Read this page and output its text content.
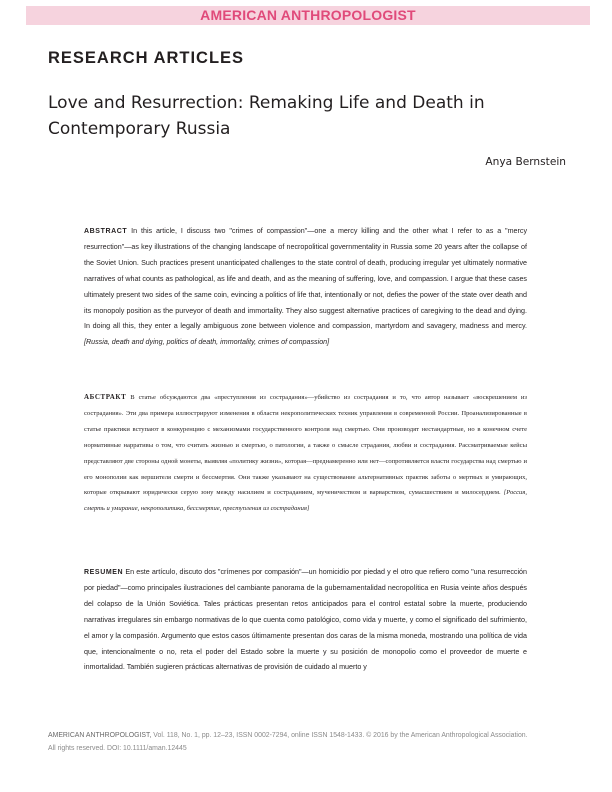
AMERICAN ANTHROPOLOGIST
RESEARCH ARTICLES
Love and Resurrection: Remaking Life and Death in Contemporary Russia
Anya Bernstein

ABSTRACT In this article, I discuss two "crimes of compassion"—one a mercy killing and the other what I refer to as a "mercy resurrection"—as key illustrations of the changing landscape of necropolitical governmentality in Russia some 20 years after the collapse of the Soviet Union. Such practices present unanticipated challenges to the state control of death, producing irregular yet ultimately normative narratives of what counts as pathological, as life and death, and as the meaning of suffering, love, and compassion. I argue that these cases ultimately present two sides of the same coin, evincing a politics of life that, intentionally or not, defies the power of the state over death and its monopoly position as the purveyor of death and immortality. They also suggest alternative practices of caregiving to the dead and dying. In doing all this, they enter a legally ambiguous zone between violence and compassion, martyrdom and savagery, madness and mercy. [Russia, death and dying, politics of death, immortality, crimes of compassion]

АБСТРАКТ В статье обсуждаются два «преступления из сострадания»—убийство из сострадания и то, что автор называет «воскрешением из сострадания». Эти два примера иллюстрируют изменения в области некрополитических техник управления в современной России. Проанализированные в статье практики вступают в конкуренцию с механизмами государственного контроля над смертью. Они производят нестандартные, но в конечном счете нормативные нарративы о том, что считать жизнью и смертью, о патологии, а также о смысле страдания, любви и сострадания. Рассматриваемые кейсы представляют две стороны одной монеты, выявляя «политику жизни», которая—преднамеренно или нет—сопротивляется власти государства над смертью и его монополии как вершителя смерти и бессмертия. Они также указывают на существование альтернативных практик заботы о мертвых и умирающих, которые открывают юридически серую зону между насилием и состраданием, мученичеством и варварством, сумасшествием и милосердием. [Россия, смерть и умирание, некрополитика, бессмертие, преступления из сострадания]

RESUMEN En este artículo, discuto dos "crímenes por compasión"—un homicidio por piedad y el otro que refiero como "una resurrección por piedad"—como principales ilustraciones del cambiante panorama de la gubernamentalidad necropolítica en Rusia veinte años después del colapso de la Unión Soviética. Tales prácticas presentan retos anticipados para el control estatal sobre la muerte, produciendo narrativas irregulares sin embargo normativas de lo que cuenta como patológico, como vida y muerte, y como el significado del sufrimiento, el amor y la compasión. Argumento que estos casos últimamente presentan dos caras de la misma moneda, mostrando una política de vida que, intencionalmente o no, reta el poder del Estado sobre la muerte y su posición de monopolio como el proveedor de muerte e inmortalidad. También sugieren prácticas alternativas de provisión de cuidado al muerto y

AMERICAN ANTHROPOLOGIST, Vol. 118, No. 1, pp. 12–23, ISSN 0002-7294, online ISSN 1548-1433. © 2016 by the American Anthropological Association.
All rights reserved. DOI: 10.1111/aman.12445
